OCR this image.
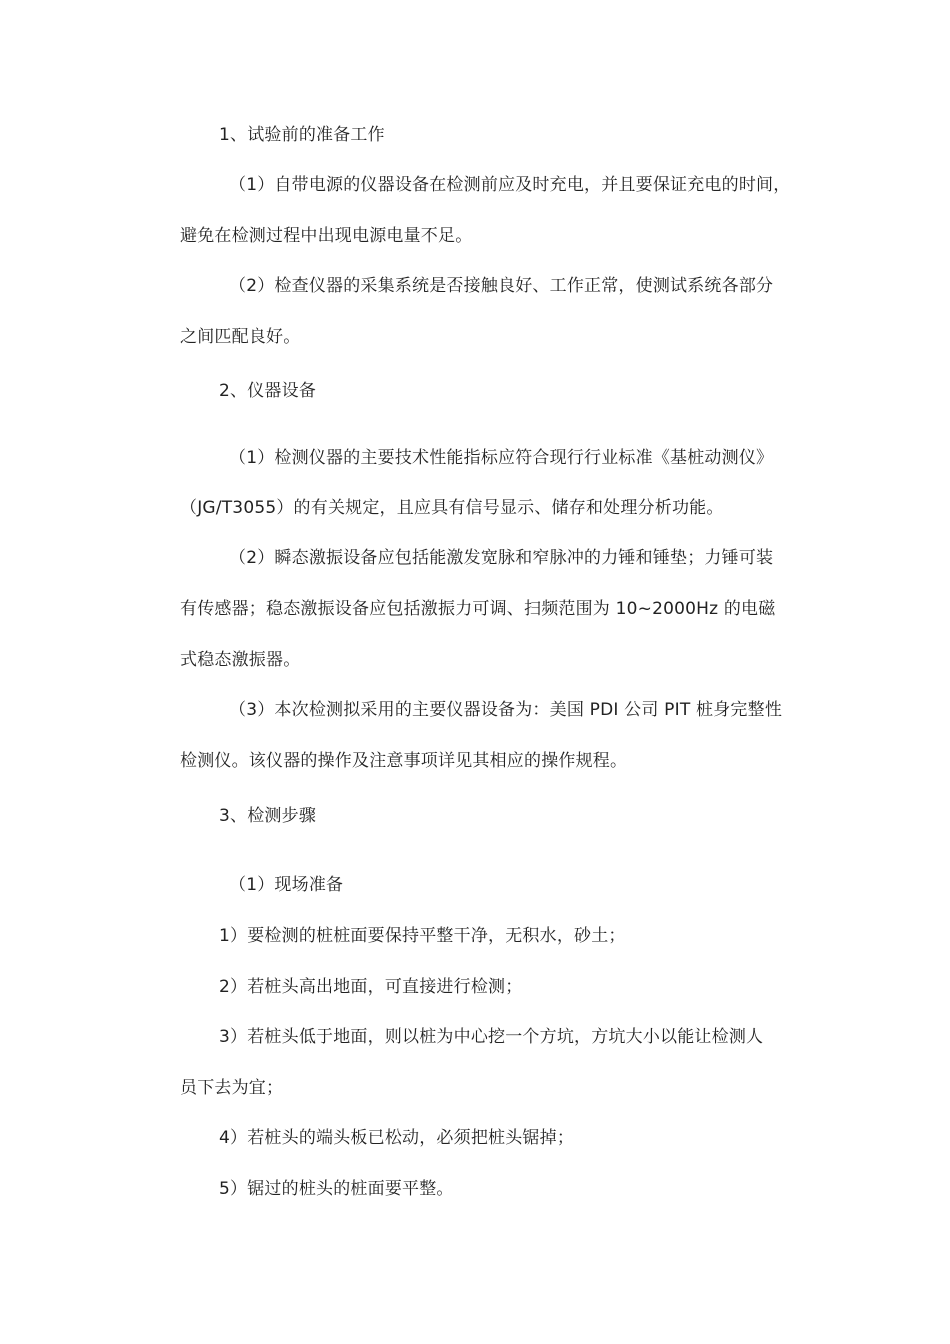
1、试验前的准备工作
（1）自带电源的仪器设备在检测前应及时充电，并且要保证充电的时间，
避免在检测过程中出现电源电量不足。
（2）检查仪器的采集系统是否接触良好、工作正常，使测试系统各部分
之间匹配良好。
2、仪器设备
（1）检测仪器的主要技术性能指标应符合现行行业标准《基桩动测仪》
（JG/T3055）的有关规定，且应具有信号显示、储存和处理分析功能。
（2）瞬态激振设备应包括能激发宽脉和窄脉冲的力锤和锤垫；力锤可装
有传感器；稳态激振设备应包括激振力可调、扫频范围为 10~2000Hz 的电磁
式稳态激振器。
（3）本次检测拟采用的主要仪器设备为：美国 PDI 公司 PIT 桩身完整性
检测仪。该仪器的操作及注意事项详见其相应的操作规程。
3、检测步骤
（1）现场准备
1）要检测的桩桩面要保持平整干净，无积水，砂土；
2）若桩头高出地面，可直接进行检测；
3）若桩头低于地面，则以桩为中心挖一个方坑，方坑大小以能让检测人
员下去为宜；
4）若桩头的端头板已松动，必须把桩头锯掉；
5）锯过的桩头的桩面要平整。
